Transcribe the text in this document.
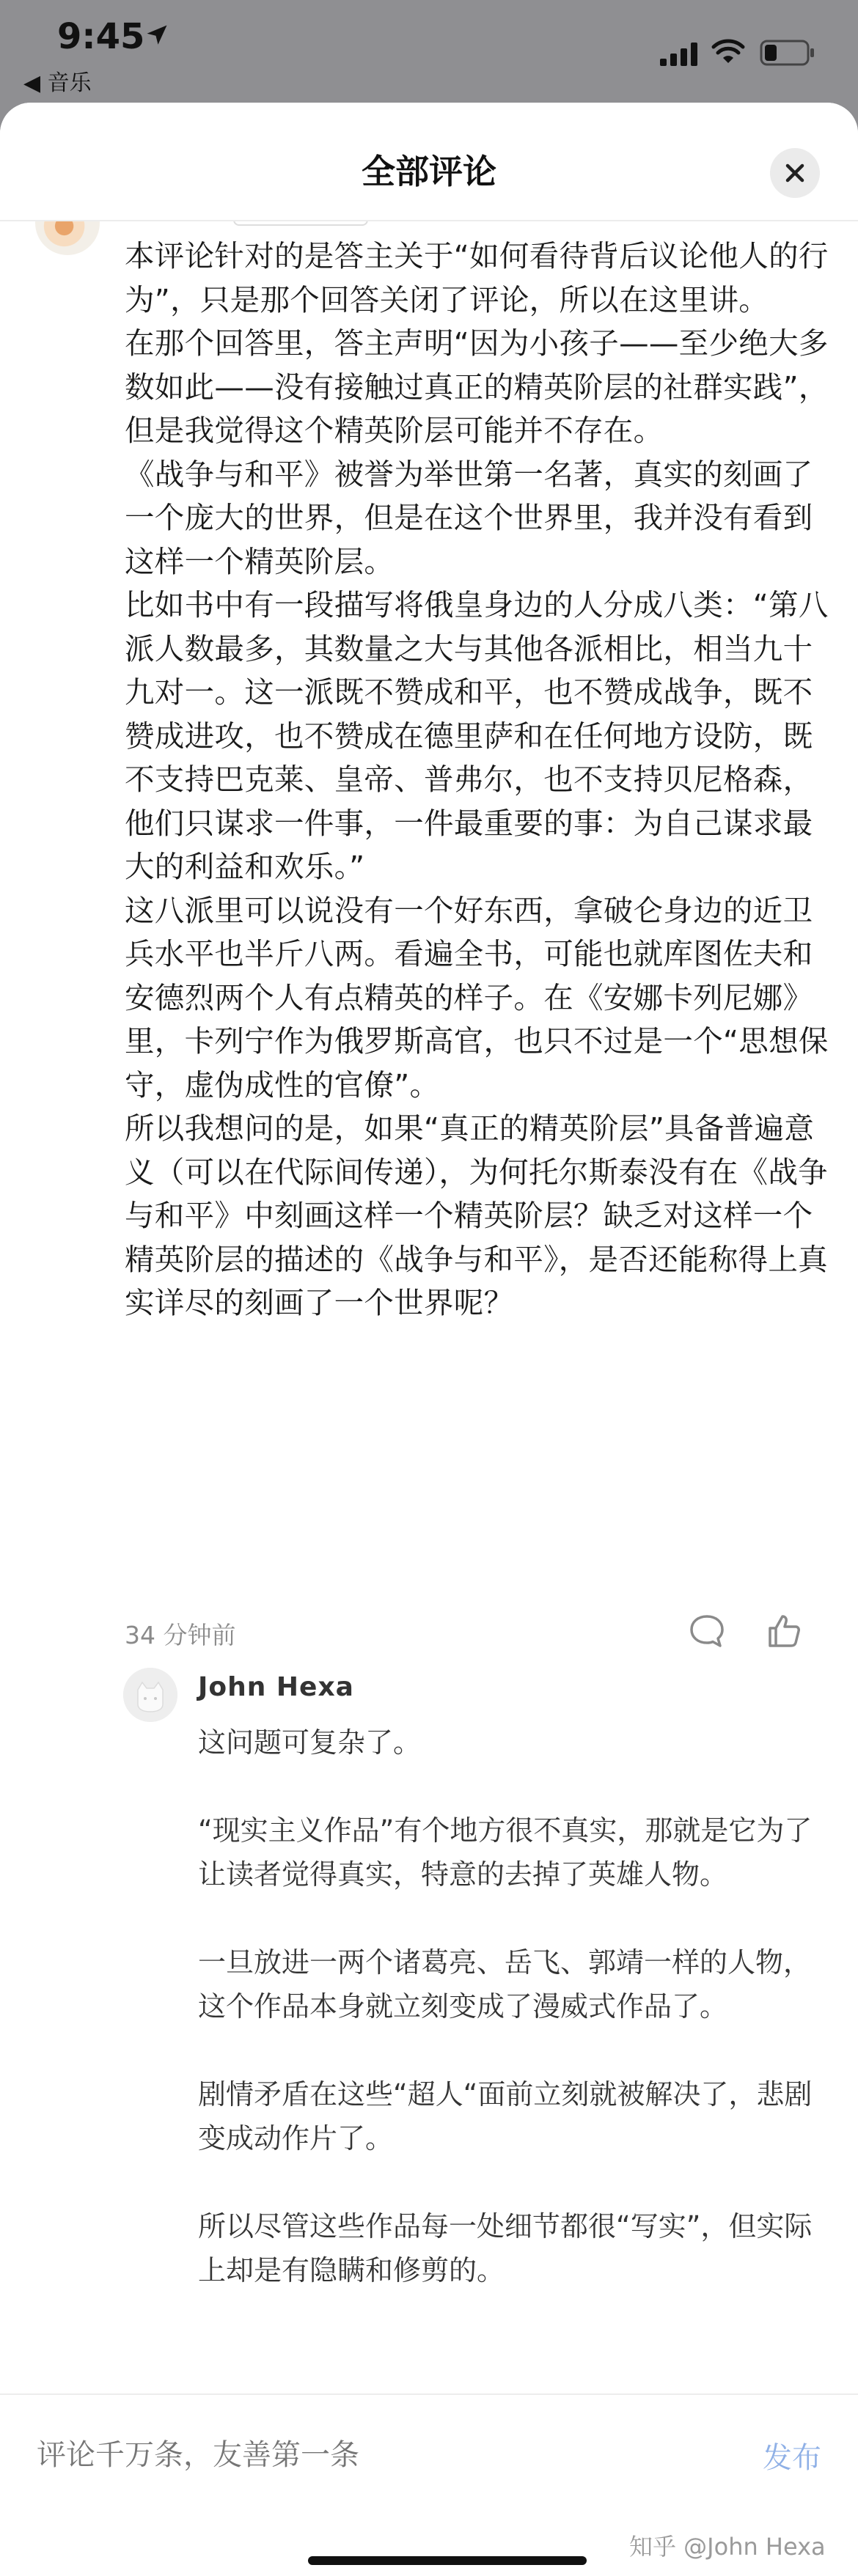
9:45
◀ 音乐
全部评论

本评论针对的是答主关于“如何看待背后议论他人的行为”，只是那个回答关闭了评论，所以在这里讲。

在那个回答里，答主声明“因为小孩子——至少绝大多数如此——没有接触过真正的精英阶层的社群实践”，但是我觉得这个精英阶层可能并不存在。

《战争与和平》被誉为举世第一名著，真实的刻画了一个庞大的世界，但是在这个世界里，我并没有看到这样一个精英阶层。

比如书中有一段描写将俄皇身边的人分成八类：“第八派人数最多，其数量之大与其他各派相比，相当九十九对一。这一派既不赞成和平，也不赞成战争，既不赞成进攻，也不赞成在德里萨和在任何地方设防，既不支持巴克莱、皇帝、普弗尔，也不支持贝尼格森，他们只谋求一件事，一件最重要的事：为自己谋求最大的利益和欢乐。”

这八派里可以说没有一个好东西，拿破仑身边的近卫兵水平也半斤八两。看遍全书，可能也就库图佐夫和安德烈两个人有点精英的样子。在《安娜卡列尼娜》里，卡列宁作为俄罗斯高官，也只不过是一个“思想保守，虚伪成性的官僚”。

所以我想问的是，如果“真正的精英阶层”具备普遍意义（可以在代际间传递），为何托尔斯泰没有在《战争与和平》中刻画这样一个精英阶层？缺乏对这样一个精英阶层的描述的《战争与和平》，是否还能称得上真实详尽的刻画了一个世界呢？

34 分钟前
John Hexa

这问题可复杂了。

“现实主义作品”有个地方很不真实，那就是它为了让读者觉得真实，特意的去掉了英雄人物。

一旦放进一两个诸葛亮、岳飞、郭靖一样的人物，这个作品本身就立刻变成了漫威式作品了。

剧情矛盾在这些“超人“面前立刻就被解决了，悲剧变成动作片了。

所以尽管这些作品每一处细节都很“写实”，但实际上却是有隐瞒和修剪的。

评论千万条，友善第一条
发布
知乎 @John Hexa
